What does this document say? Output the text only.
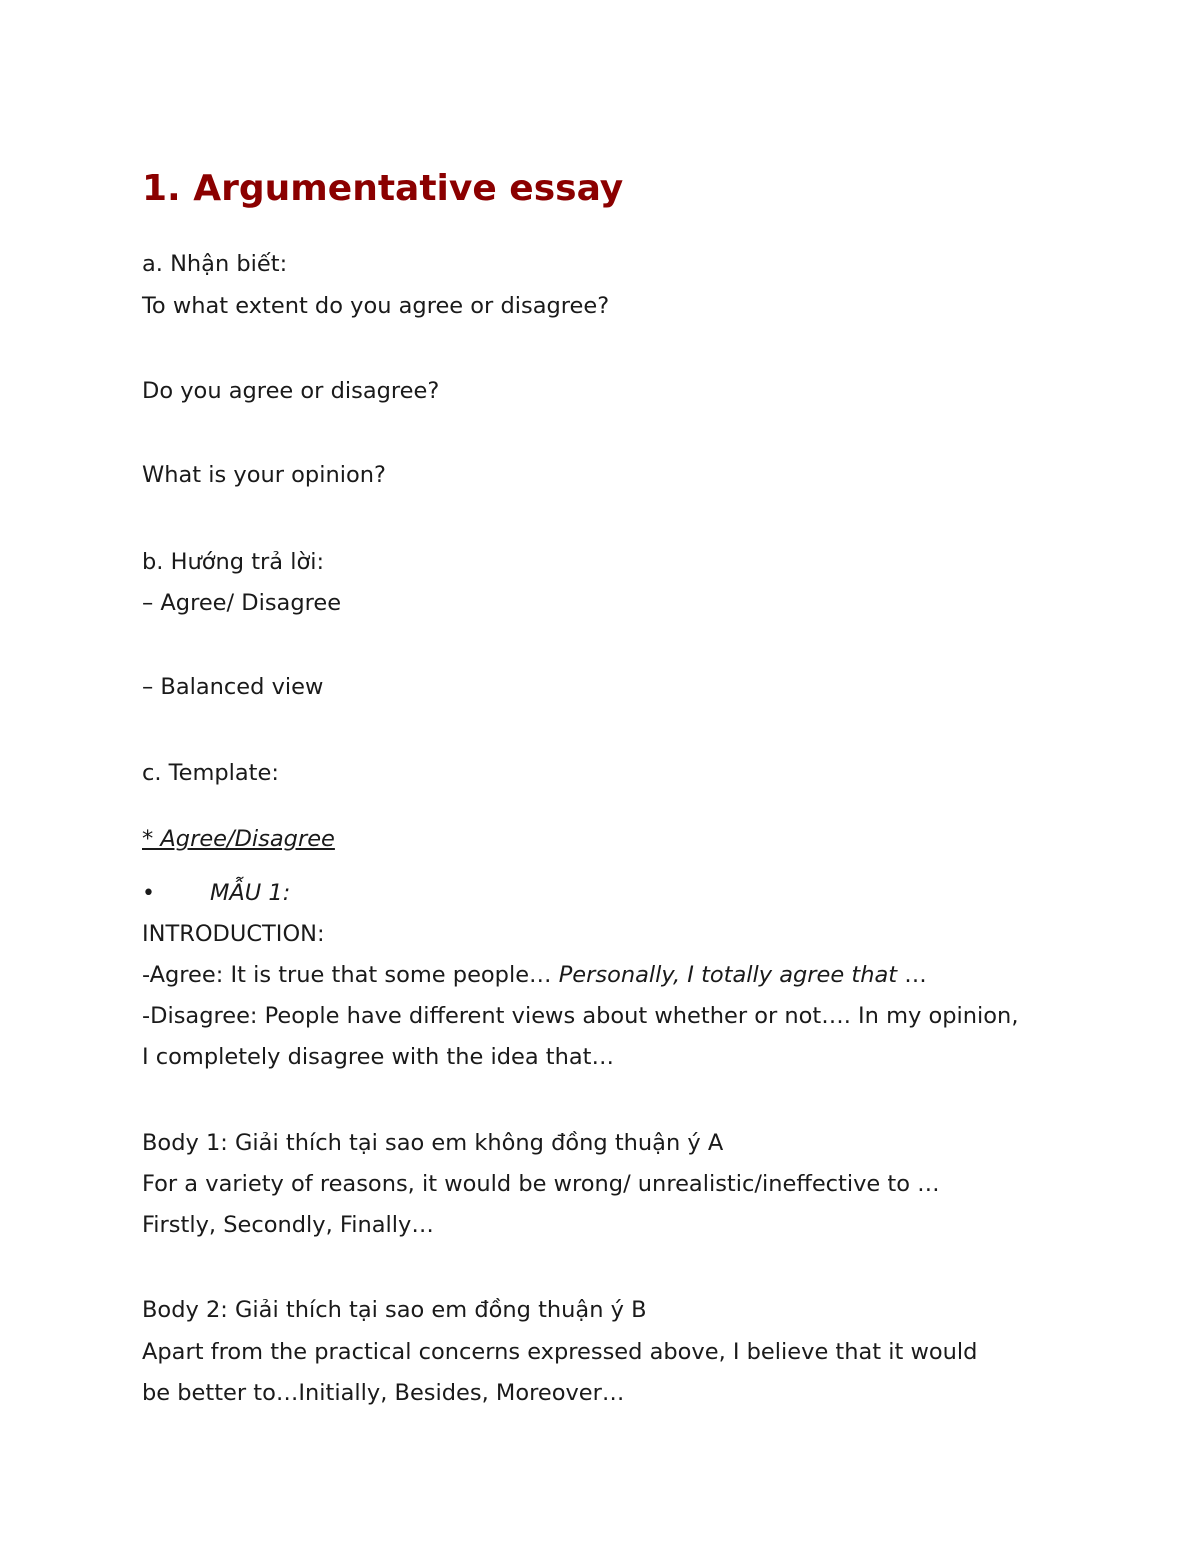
1. Argumentative essay

a. Nhận biết:

To what extent do you agree or disagree?

Do you agree or disagree?

What is your opinion?

b. Hướng trả lời:

– Agree/ Disagree

– Balanced view

c. Template:

* Agree/Disagree

• MẪU 1:

INTRODUCTION:

-Agree: It is true that some people… Personally, I totally agree that …

-Disagree: People have different views about whether or not…. In my opinion,

I completely disagree with the idea that…

Body 1: Giải thích tại sao em không đồng thuận ý A

For a variety of reasons, it would be wrong/ unrealistic/ineffective to …

Firstly, Secondly, Finally…

Body 2: Giải thích tại sao em đồng thuận ý B

Apart from the practical concerns expressed above, I believe that it would

be better to…Initially, Besides, Moreover…
